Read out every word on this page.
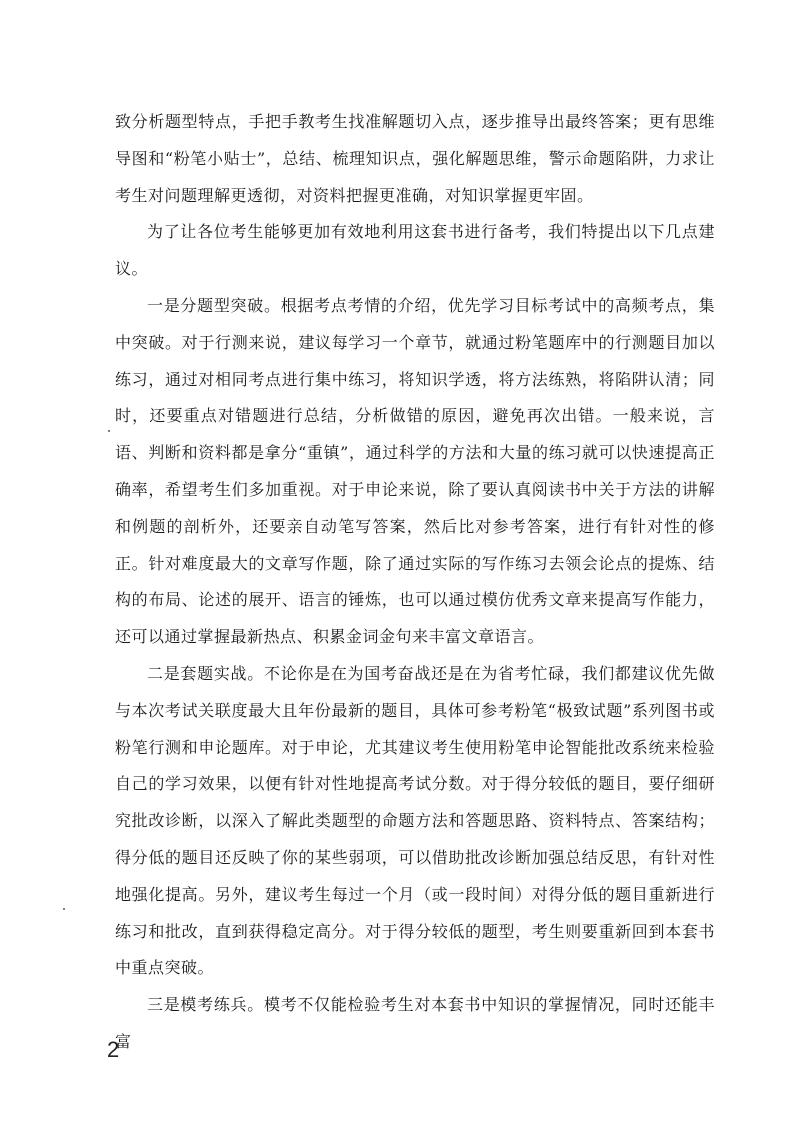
致分析题型特点，手把手教考生找准解题切入点，逐步推导出最终答案；更有思维导图和“粉笔小贴士”，总结、梳理知识点，强化解题思维，警示命题陷阱，力求让考生对问题理解更透彻，对资料把握更准确，对知识掌握更牢固。

为了让各位考生能够更加有效地利用这套书进行备考，我们特提出以下几点建议。

一是分题型突破。根据考点考情的介绍，优先学习目标考试中的高频考点，集中突破。对于行测来说，建议每学习一个章节，就通过粉笔题库中的行测题目加以练习，通过对相同考点进行集中练习，将知识学透，将方法练熟，将陷阱认清；同时，还要重点对错题进行总结，分析做错的原因，避免再次出错。一般来说，言语、判断和资料都是拿分“重镇”，通过科学的方法和大量的练习就可以快速提高正确率，希望考生们多加重视。对于申论来说，除了要认真阅读书中关于方法的讲解和例题的剖析外，还要亲自动笔写答案，然后比对参考答案，进行有针对性的修正。针对难度最大的文章写作题，除了通过实际的写作练习去领会论点的提炼、结构的布局、论述的展开、语言的锤炼，也可以通过模仿优秀文章来提高写作能力，还可以通过掌握最新热点、积累金词金句来丰富文章语言。

二是套题实战。不论你是在为国考奋战还是在为省考忙碌，我们都建议优先做与本次考试关联度最大且年份最新的题目，具体可参考粉笔“极致试题”系列图书或粉笔行测和申论题库。对于申论，尤其建议考生使用粉笔申论智能批改系统来检验自己的学习效果，以便有针对性地提高考试分数。对于得分较低的题目，要仔细研究批改诊断，以深入了解此类题型的命题方法和答题思路、资料特点、答案结构；得分低的题目还反映了你的某些弱项，可以借助批改诊断加强总结反思，有针对性地强化提高。另外，建议考生每过一个月（或一段时间）对得分低的题目重新进行练习和批改，直到获得稳定高分。对于得分较低的题型，考生则要重新回到本套书中重点突破。

三是模考练兵。模考不仅能检验考生对本套书中知识的掌握情况，同时还能丰富

2
